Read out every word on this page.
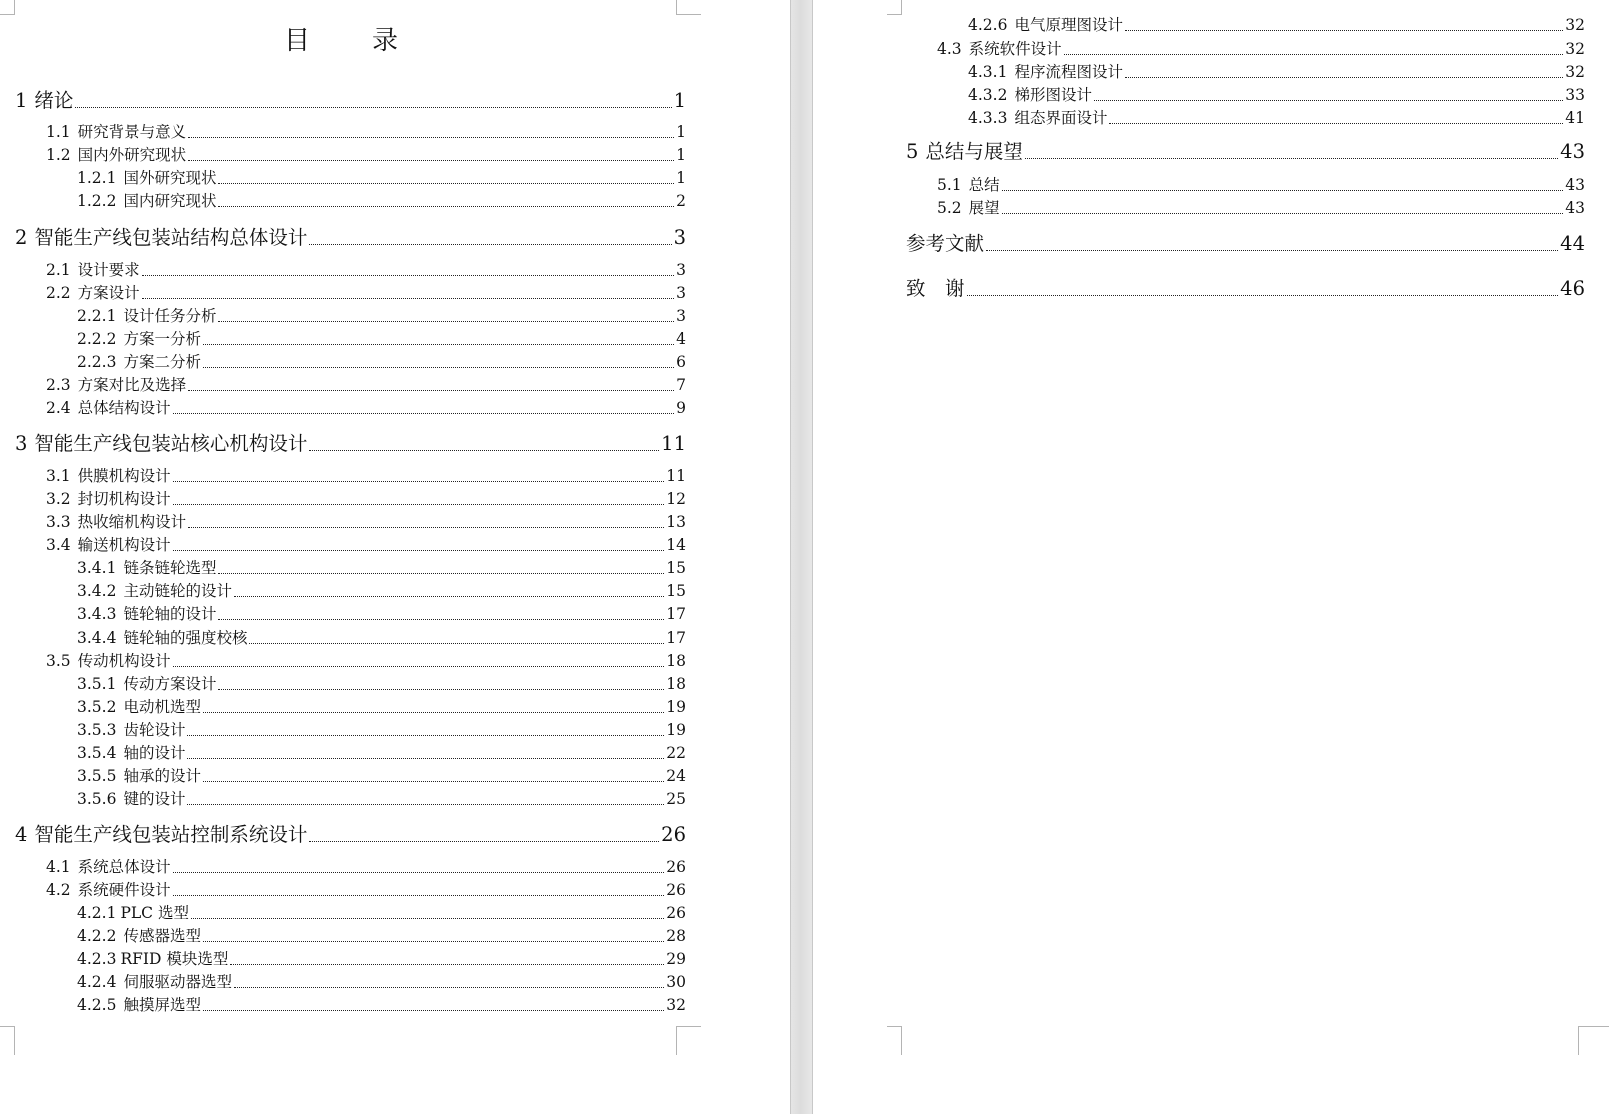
目　录
1 绪论	1
1.1 研究背景与意义	1
1.2 国内外研究现状	1
1.2.1 国外研究现状	1
1.2.2 国内研究现状	2
2 智能生产线包装站结构总体设计	3
2.1 设计要求	3
2.2 方案设计	3
2.2.1 设计任务分析	3
2.2.2 方案一分析	4
2.2.3 方案二分析	6
2.3 方案对比及选择	7
2.4 总体结构设计	9
3 智能生产线包装站核心机构设计	11
3.1 供膜机构设计	11
3.2 封切机构设计	12
3.3 热收缩机构设计	13
3.4 输送机构设计	14
3.4.1 链条链轮选型	15
3.4.2 主动链轮的设计	15
3.4.3 链轮轴的设计	17
3.4.4 链轮轴的强度校核	17
3.5 传动机构设计	18
3.5.1 传动方案设计	18
3.5.2 电动机选型	19
3.5.3 齿轮设计	19
3.5.4 轴的设计	22
3.5.5 轴承的设计	24
3.5.6 键的设计	25
4 智能生产线包装站控制系统设计	26
4.1 系统总体设计	26
4.2 系统硬件设计	26
4.2.1 PLC 选型	26
4.2.2 传感器选型	28
4.2.3 RFID 模块选型	29
4.2.4 伺服驱动器选型	30
4.2.5 触摸屏选型	32
4.2.6 电气原理图设计	32
4.3 系统软件设计	32
4.3.1 程序流程图设计	32
4.3.2 梯形图设计	33
4.3.3 组态界面设计	41
5 总结与展望	43
5.1 总结	43
5.2 展望	43
参考文献	44
致　谢	46
